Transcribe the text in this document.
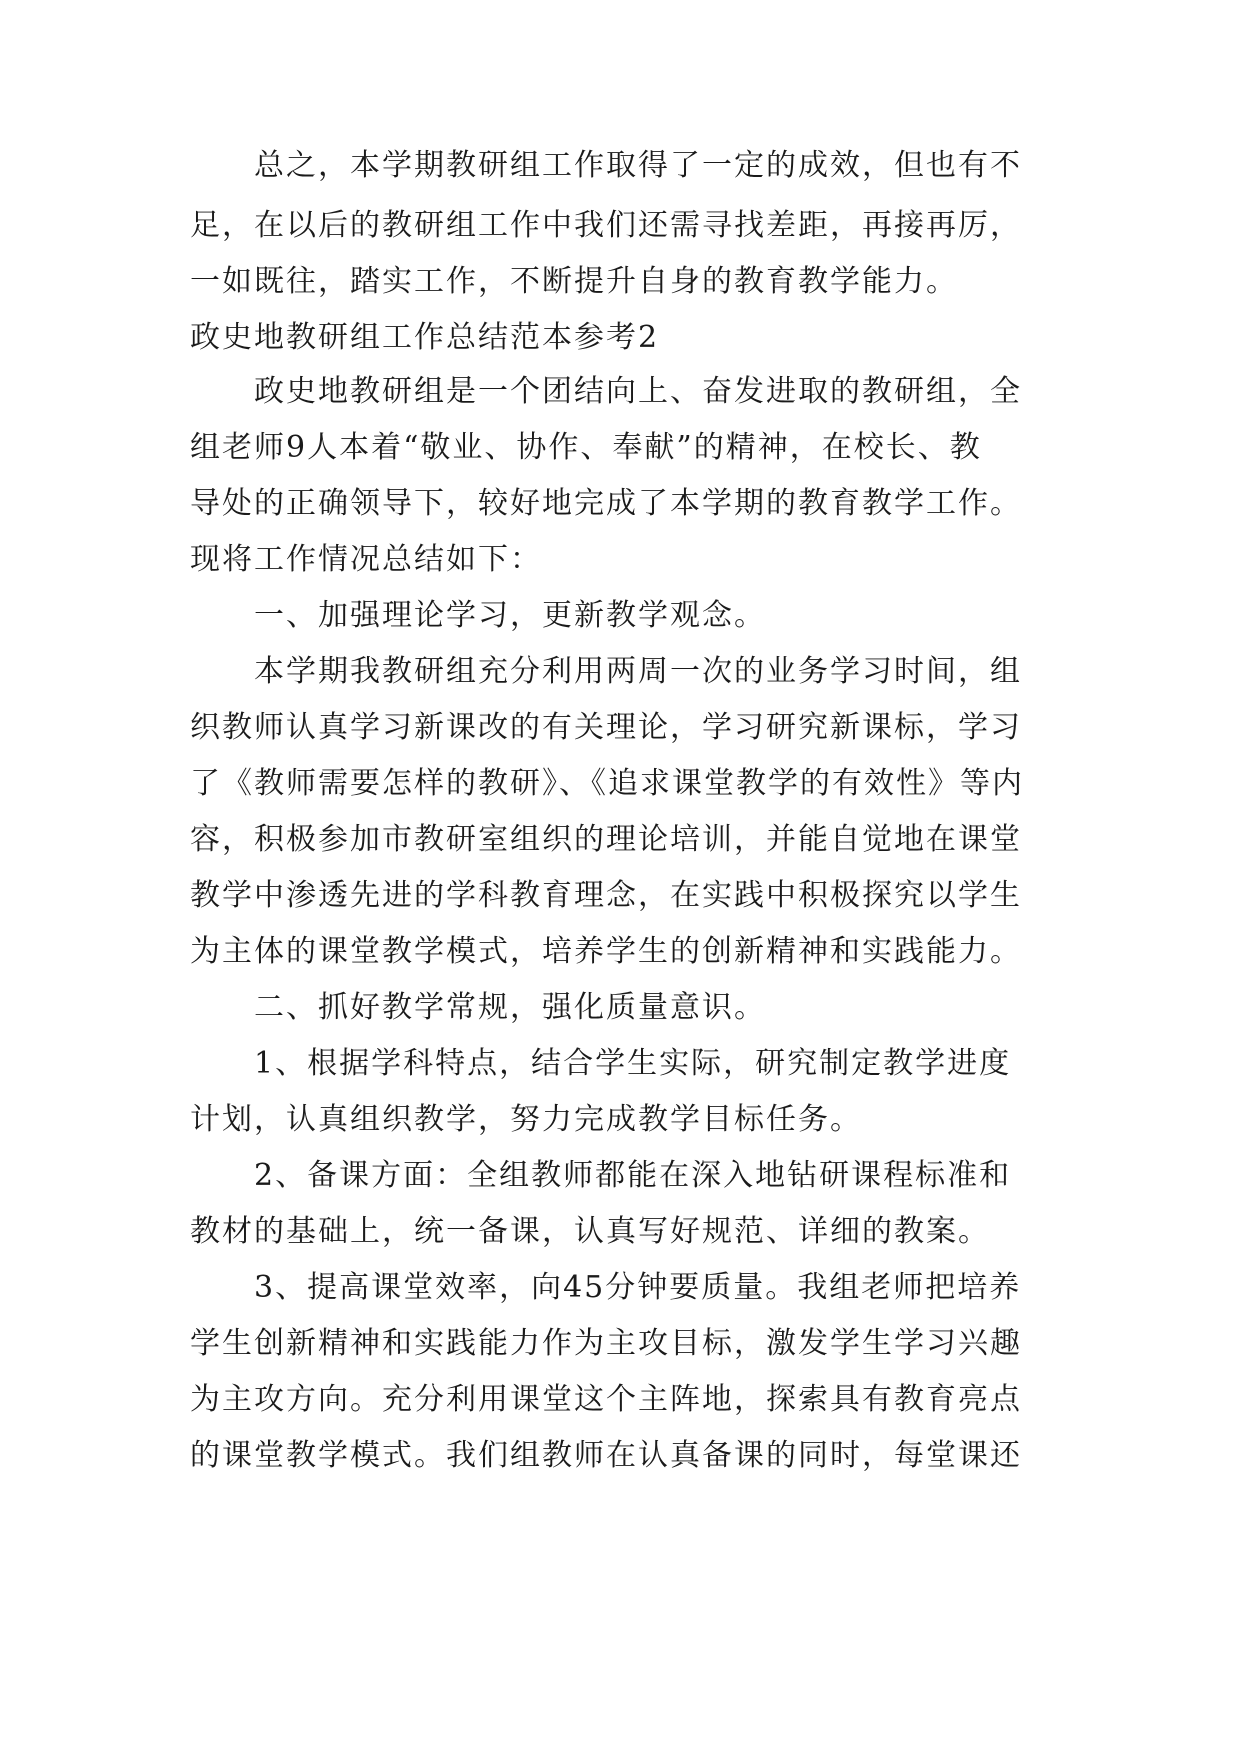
总之，本学期教研组工作取得了一定的成效，但也有不
足，在以后的教研组工作中我们还需寻找差距，再接再厉，
一如既往，踏实工作，不断提升自身的教育教学能力。
政史地教研组工作总结范本参考2
政史地教研组是一个团结向上、奋发进取的教研组，全
组老师9人本着“敬业、协作、奉献”的精神，在校长、教
导处的正确领导下，较好地完成了本学期的教育教学工作。
现将工作情况总结如下：
一、加强理论学习，更新教学观念。
本学期我教研组充分利用两周一次的业务学习时间，组
织教师认真学习新课改的有关理论，学习研究新课标，学习
了《教师需要怎样的教研》、《追求课堂教学的有效性》等内
容，积极参加市教研室组织的理论培训，并能自觉地在课堂
教学中渗透先进的学科教育理念，在实践中积极探究以学生
为主体的课堂教学模式，培养学生的创新精神和实践能力。
二、抓好教学常规，强化质量意识。
1、根据学科特点，结合学生实际，研究制定教学进度
计划，认真组织教学，努力完成教学目标任务。
2、备课方面：全组教师都能在深入地钻研课程标准和
教材的基础上，统一备课，认真写好规范、详细的教案。
3、提高课堂效率，向45分钟要质量。我组老师把培养
学生创新精神和实践能力作为主攻目标，激发学生学习兴趣
为主攻方向。充分利用课堂这个主阵地，探索具有教育亮点
的课堂教学模式。我们组教师在认真备课的同时，每堂课还
